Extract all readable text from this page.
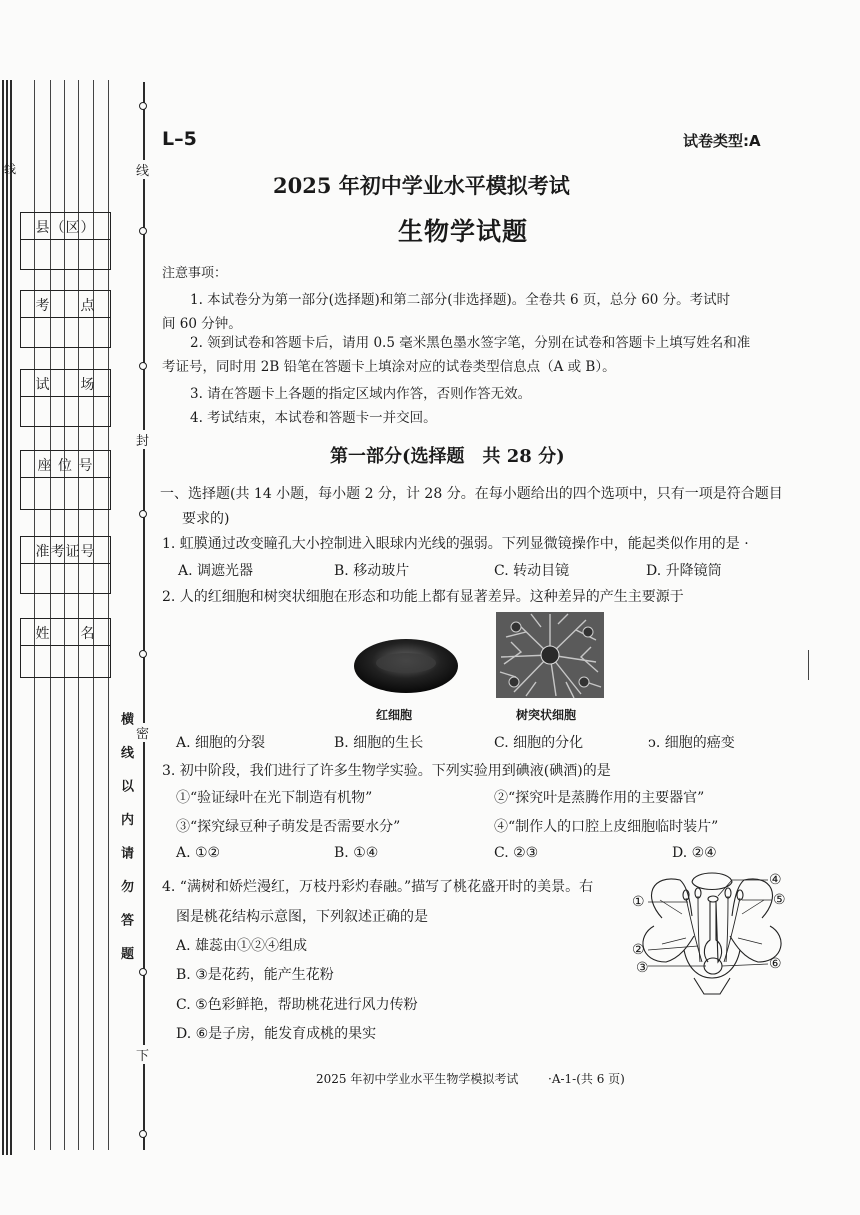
线	线
封
密
下
横 线 以 内 请 勿 答 题
县（区）
考　　点
试　　场
座 位 号
准考证号
姓　　名
L–5	试卷类型:A
2025 年初中学业水平模拟考试
生物学试题
注意事项：
1. 本试卷分为第一部分(选择题)和第二部分(非选择题)。全卷共 6 页，总分 60 分。考试时
间 60 分钟。
2. 领到试卷和答题卡后，请用 0.5 毫米黑色墨水签字笔，分别在试卷和答题卡上填写姓名和准
考证号，同时用 2B 铅笔在答题卡上填涂对应的试卷类型信息点（A 或 B）。
3. 请在答题卡上各题的指定区域内作答，否则作答无效。
4. 考试结束，本试卷和答题卡一并交回。
第一部分(选择题　共 28 分)
一、选择题(共 14 小题，每小题 2 分，计 28 分。在每小题给出的四个选项中，只有一项是符合题目
要求的)
1. 虹膜通过改变瞳孔大小控制进入眼球内光线的强弱。下列显微镜操作中，能起类似作用的是 ·
A. 调遮光器	B. 移动玻片	C. 转动目镜	D. 升降镜筒
2. 人的红细胞和树突状细胞在形态和功能上都有显著差异。这种差异的产生主要源于
红细胞	树突状细胞
A. 细胞的分裂	B. 细胞的生长	C. 细胞的分化	ↄ. 细胞的癌变
3. 初中阶段，我们进行了许多生物学实验。下列实验用到碘液(碘酒)的是
①“验证绿叶在光下制造有机物”	②“探究叶是蒸腾作用的主要器官”
③“探究绿豆种子萌发是否需要水分”	④“制作人的口腔上皮细胞临时装片”
A. ①②	B. ①④	C. ②③	D. ②④
4. “满树和娇烂漫红，万枝丹彩灼春融。”描写了桃花盛开时的美景。右
图是桃花结构示意图，下列叙述正确的是
A. 雄蕊由①②④组成
B. ③是花药，能产生花粉
C. ⑤色彩鲜艳，帮助桃花进行风力传粉
D. ⑥是子房，能发育成桃的果实
①
②
③
④
⑤
⑥
2025 年初中学业水平生物学模拟考试 ·A-1-(共 6 页)
